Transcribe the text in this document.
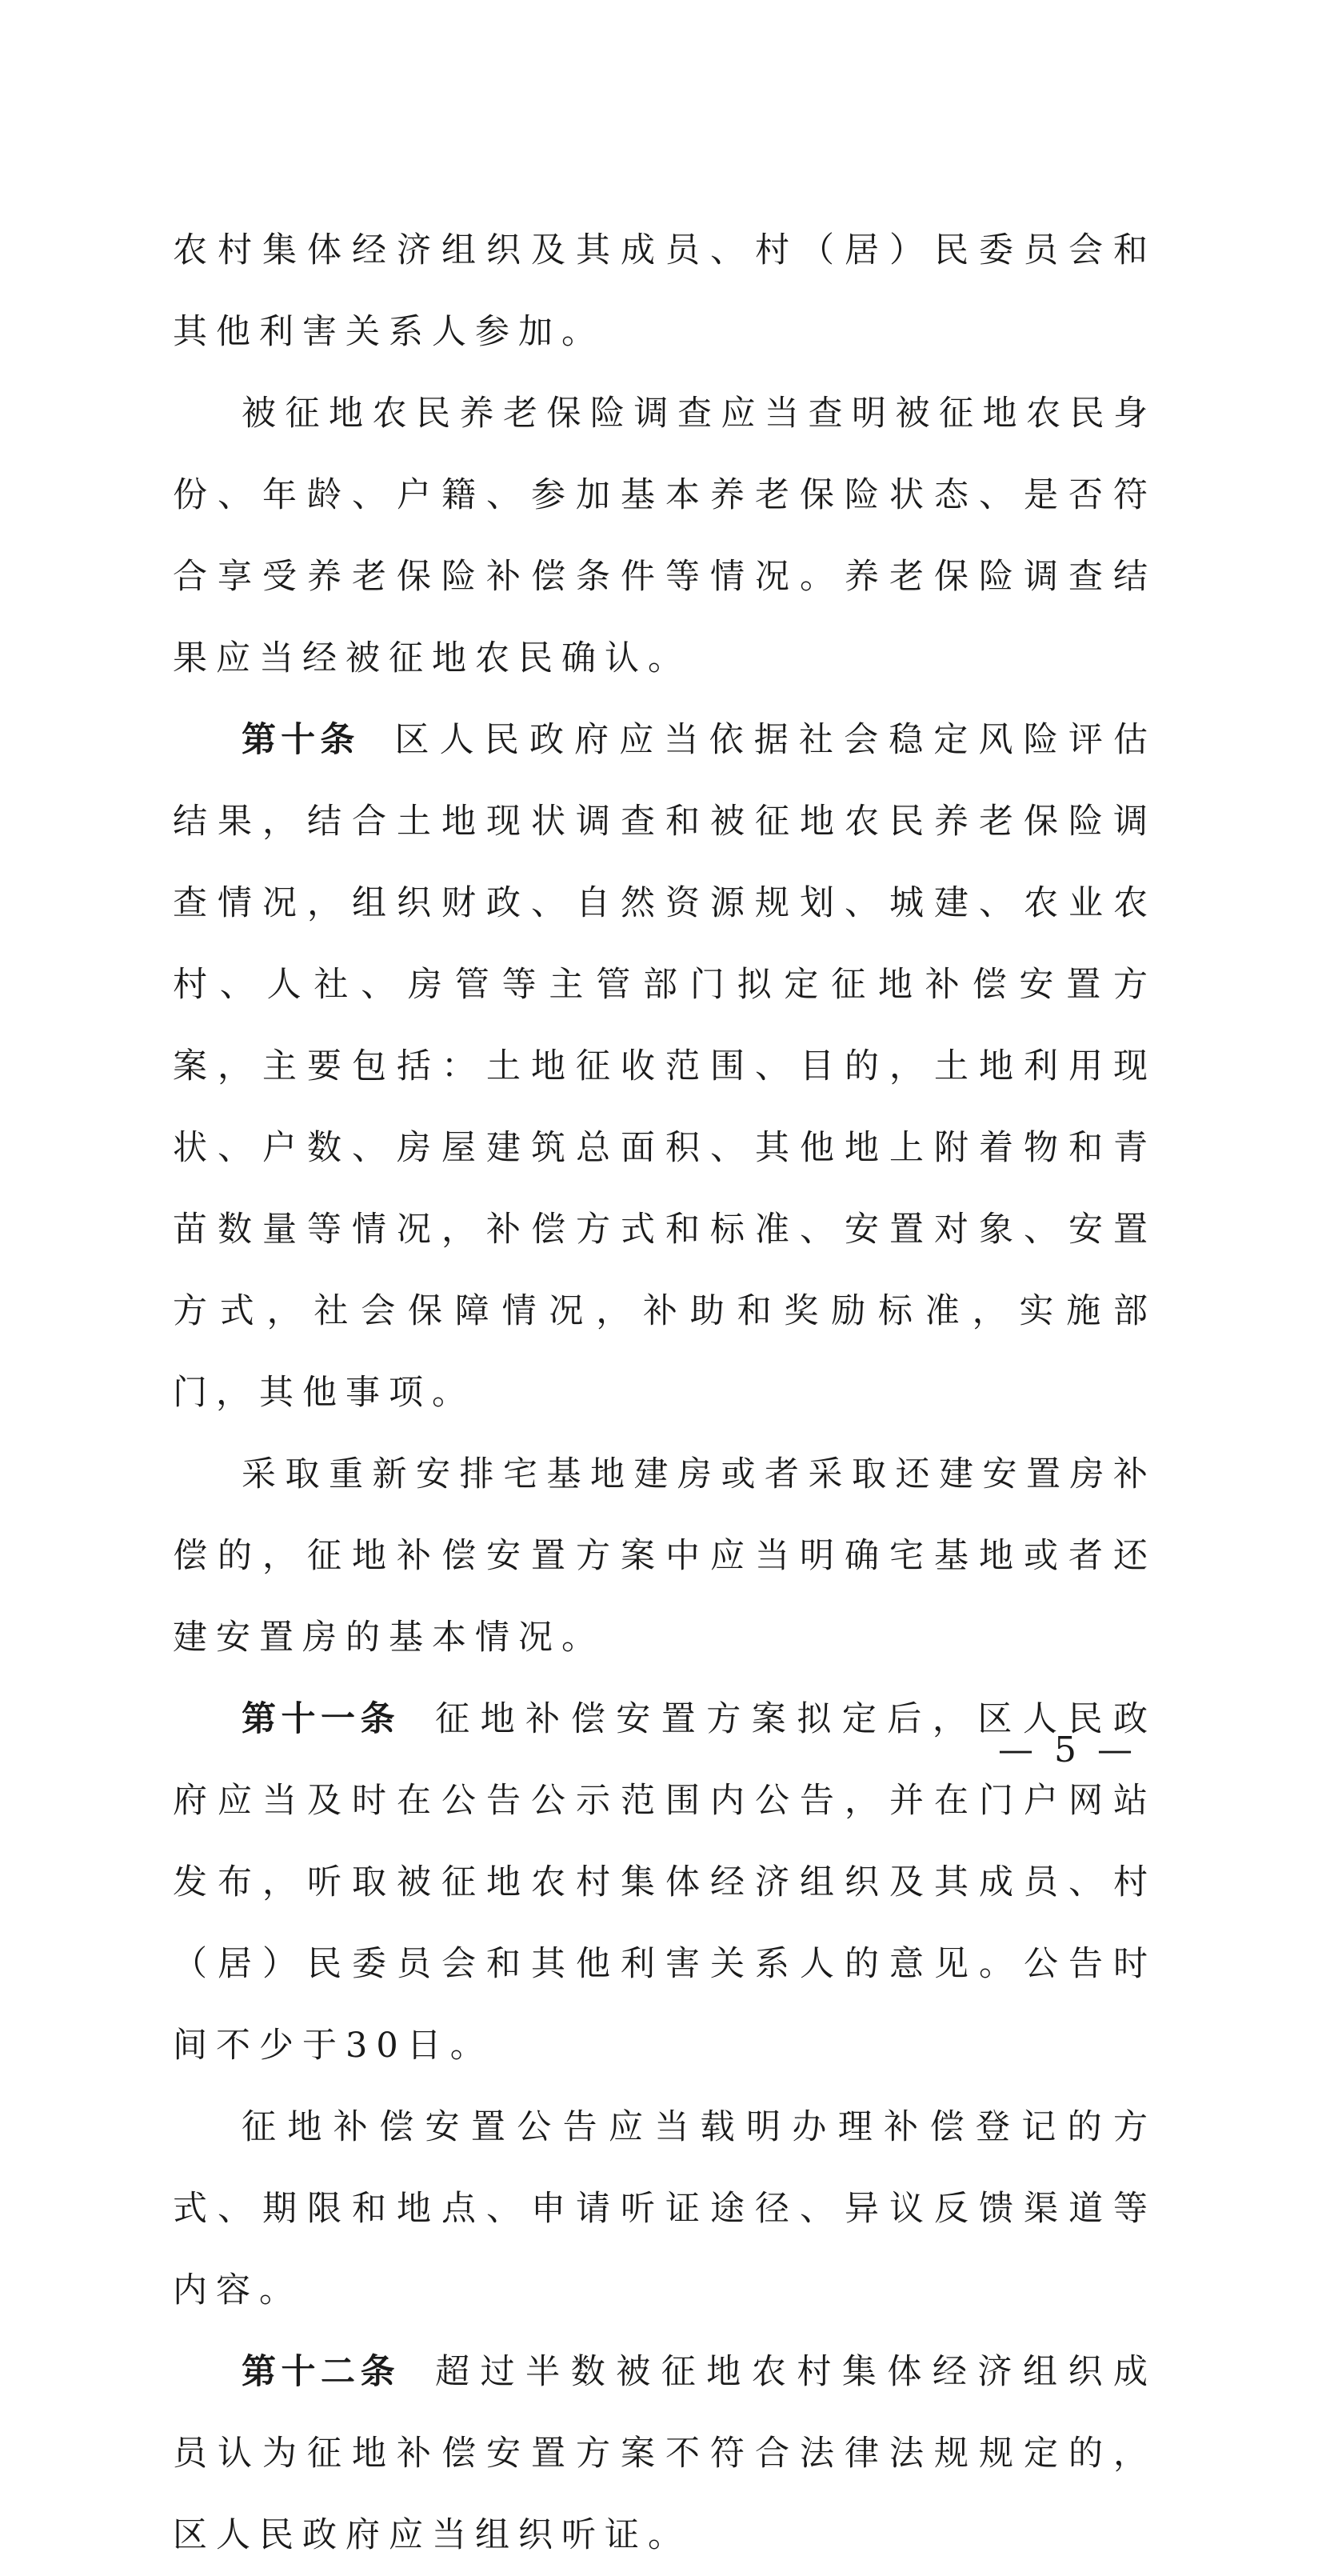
农村集体经济组织及其成员、村（居）民委员会和其他利害关系人参加。

被征地农民养老保险调查应当查明被征地农民身份、年龄、户籍、参加基本养老保险状态、是否符合享受养老保险补偿条件等情况。养老保险调查结果应当经被征地农民确认。

第十条 区人民政府应当依据社会稳定风险评估结果，结合土地现状调查和被征地农民养老保险调查情况，组织财政、自然资源规划、城建、农业农村、人社、房管等主管部门拟定征地补偿安置方案，主要包括：土地征收范围、目的，土地利用现状、户数、房屋建筑总面积、其他地上附着物和青苗数量等情况，补偿方式和标准、安置对象、安置方式，社会保障情况，补助和奖励标准，实施部门，其他事项。

采取重新安排宅基地建房或者采取还建安置房补偿的，征地补偿安置方案中应当明确宅基地或者还建安置房的基本情况。

第十一条 征地补偿安置方案拟定后，区人民政府应当及时在公告公示范围内公告，并在门户网站发布，听取被征地农村集体经济组织及其成员、村（居）民委员会和其他利害关系人的意见。公告时间不少于30日。

征地补偿安置公告应当载明办理补偿登记的方式、期限和地点、申请听证途径、异议反馈渠道等内容。

第十二条 超过半数被征地农村集体经济组织成员认为征地补偿安置方案不符合法律法规规定的，区人民政府应当组织听证。

— 5 —
